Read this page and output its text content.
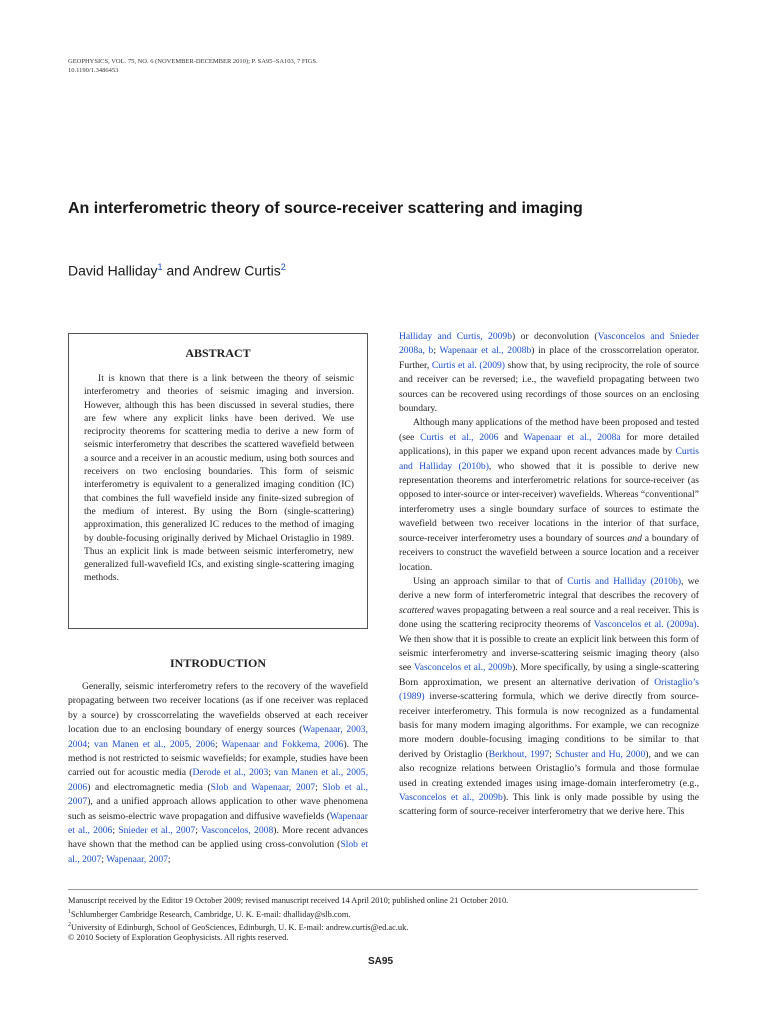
GEOPHYSICS, VOL. 75, NO. 6 (NOVEMBER-DECEMBER 2010); P. SA95–SA103, 7 FIGS.
10.1190/1.3486453
An interferometric theory of source-receiver scattering and imaging
David Halliday$^1$ and Andrew Curtis$^2$
ABSTRACT

It is known that there is a link between the theory of seismic interferometry and theories of seismic imaging and inversion. However, although this has been discussed in several studies, there are few where any explicit links have been derived. We use reciprocity theorems for scattering media to derive a new form of seismic interferometry that describes the scattered wavefield between a source and a receiver in an acoustic medium, using both sources and receivers on two enclosing boundaries. This form of seismic interferometry is equivalent to a generalized imaging condition (IC) that combines the full wavefield inside any finite-sized subregion of the medium of interest. By using the Born (single-scattering) approximation, this generalized IC reduces to the method of imaging by double-focusing originally derived by Michael Oristaglio in 1989. Thus an explicit link is made between seismic interferometry, new generalized full-wavefield ICs, and existing single-scattering imaging methods.

INTRODUCTION

Generally, seismic interferometry refers to the recovery of the wavefield propagating between two receiver locations (as if one receiver was replaced by a source) by crosscorrelating the wavefields observed at each receiver location due to an enclosing boundary of energy sources (Wapenaar, 2003, 2004; van Manen et al., 2005, 2006; Wapenaar and Fokkema, 2006). The method is not restricted to seismic wavefields; for example, studies have been carried out for acoustic media (Derode et al., 2003; van Manen et al., 2005, 2006) and electromagnetic media (Slob and Wapenaar, 2007; Slob et al., 2007), and a unified approach allows application to other wave phenomena such as seismo-electric wave propagation and diffusive wavefields (Wapenaar et al., 2006; Snieder et al., 2007; Vasconcelos, 2008). More recent advances have shown that the method can be applied using cross-convolution (Slob et al., 2007; Wapenaar, 2007;

Halliday and Curtis, 2009b) or deconvolution (Vasconcelos and Snieder 2008a, b; Wapenaar et al., 2008b) in place of the crosscorrelation operator. Further, Curtis et al. (2009) show that, by using reciprocity, the role of source and receiver can be reversed; i.e., the wavefield propagating between two sources can be recovered using recordings of those sources on an enclosing boundary.

Although many applications of the method have been proposed and tested (see Curtis et al., 2006 and Wapenaar et al., 2008a for more detailed applications), in this paper we expand upon recent advances made by Curtis and Halliday (2010b), who showed that it is possible to derive new representation theorems and interferometric relations for source-receiver (as opposed to inter-source or inter-receiver) wavefields. Whereas “conventional” interferometry uses a single boundary surface of sources to estimate the wavefield between two receiver locations in the interior of that surface, source-receiver interferometry uses a boundary of sources and a boundary of receivers to construct the wavefield between a source location and a receiver location.

Using an approach similar to that of Curtis and Halliday (2010b), we derive a new form of interferometric integral that describes the recovery of scattered waves propagating between a real source and a real receiver. This is done using the scattering reciprocity theorems of Vasconcelos et al. (2009a). We then show that it is possible to create an explicit link between this form of seismic interferometry and inverse-scattering seismic imaging theory (also see Vasconcelos et al., 2009b). More specifically, by using a single-scattering Born approximation, we present an alternative derivation of Oristaglio’s (1989) inverse-scattering formula, which we derive directly from source-receiver interferometry. This formula is now recognized as a fundamental basis for many modern imaging algorithms. For example, we can recognize more modern double-focusing imaging conditions to be similar to that derived by Oristaglio (Berkhout, 1997; Schuster and Hu, 2000), and we can also recognize relations between Oristaglio’s formula and those formulae used in creating extended images using image-domain interferometry (e.g., Vasconcelos et al., 2009b). This link is only made possible by using the scattering form of source-receiver interferometry that we derive here. This

Manuscript received by the Editor 19 October 2009; revised manuscript received 14 April 2010; published online 21 October 2010.
$^1$Schlumberger Cambridge Research, Cambridge, U. K. E-mail: dhalliday@slb.com.
$^2$University of Edinburgh, School of GeoSciences, Edinburgh, U. K. E-mail: andrew.curtis@ed.ac.uk.
© 2010 Society of Exploration Geophysicists. All rights reserved.
SA95
